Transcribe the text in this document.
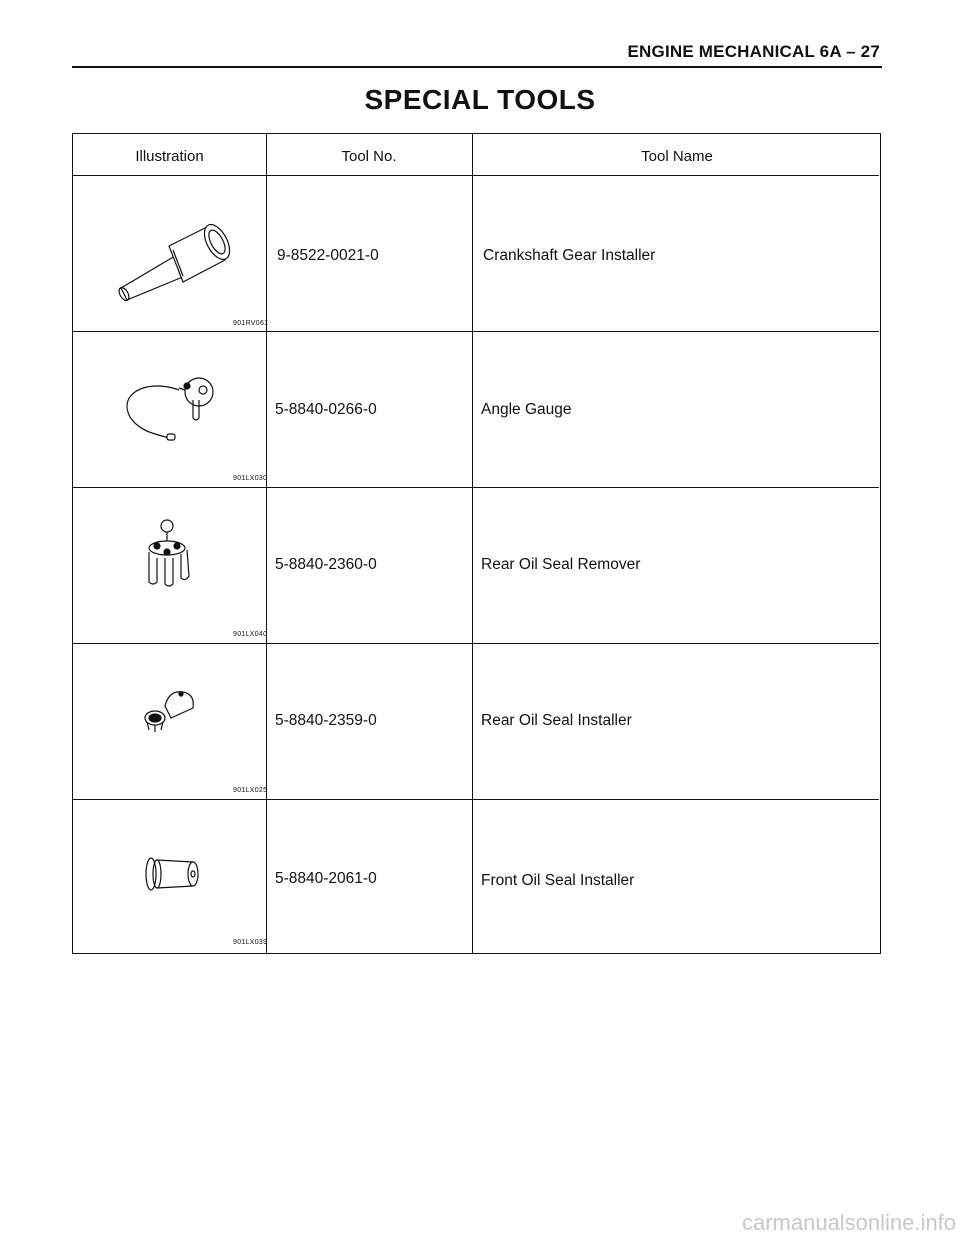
ENGINE MECHANICAL 6A – 27
SPECIAL TOOLS
Illustration	Tool No.	Tool Name
901RV061
9-8522-0021-0	Crankshaft Gear Installer
901LX030
5-8840-0266-0	Angle Gauge
901LX040
5-8840-2360-0	Rear Oil Seal Remover
901LX025
5-8840-2359-0	Rear Oil Seal Installer
901LX039
5-8840-2061-0	Front Oil Seal Installer
carmanualsonline.info
